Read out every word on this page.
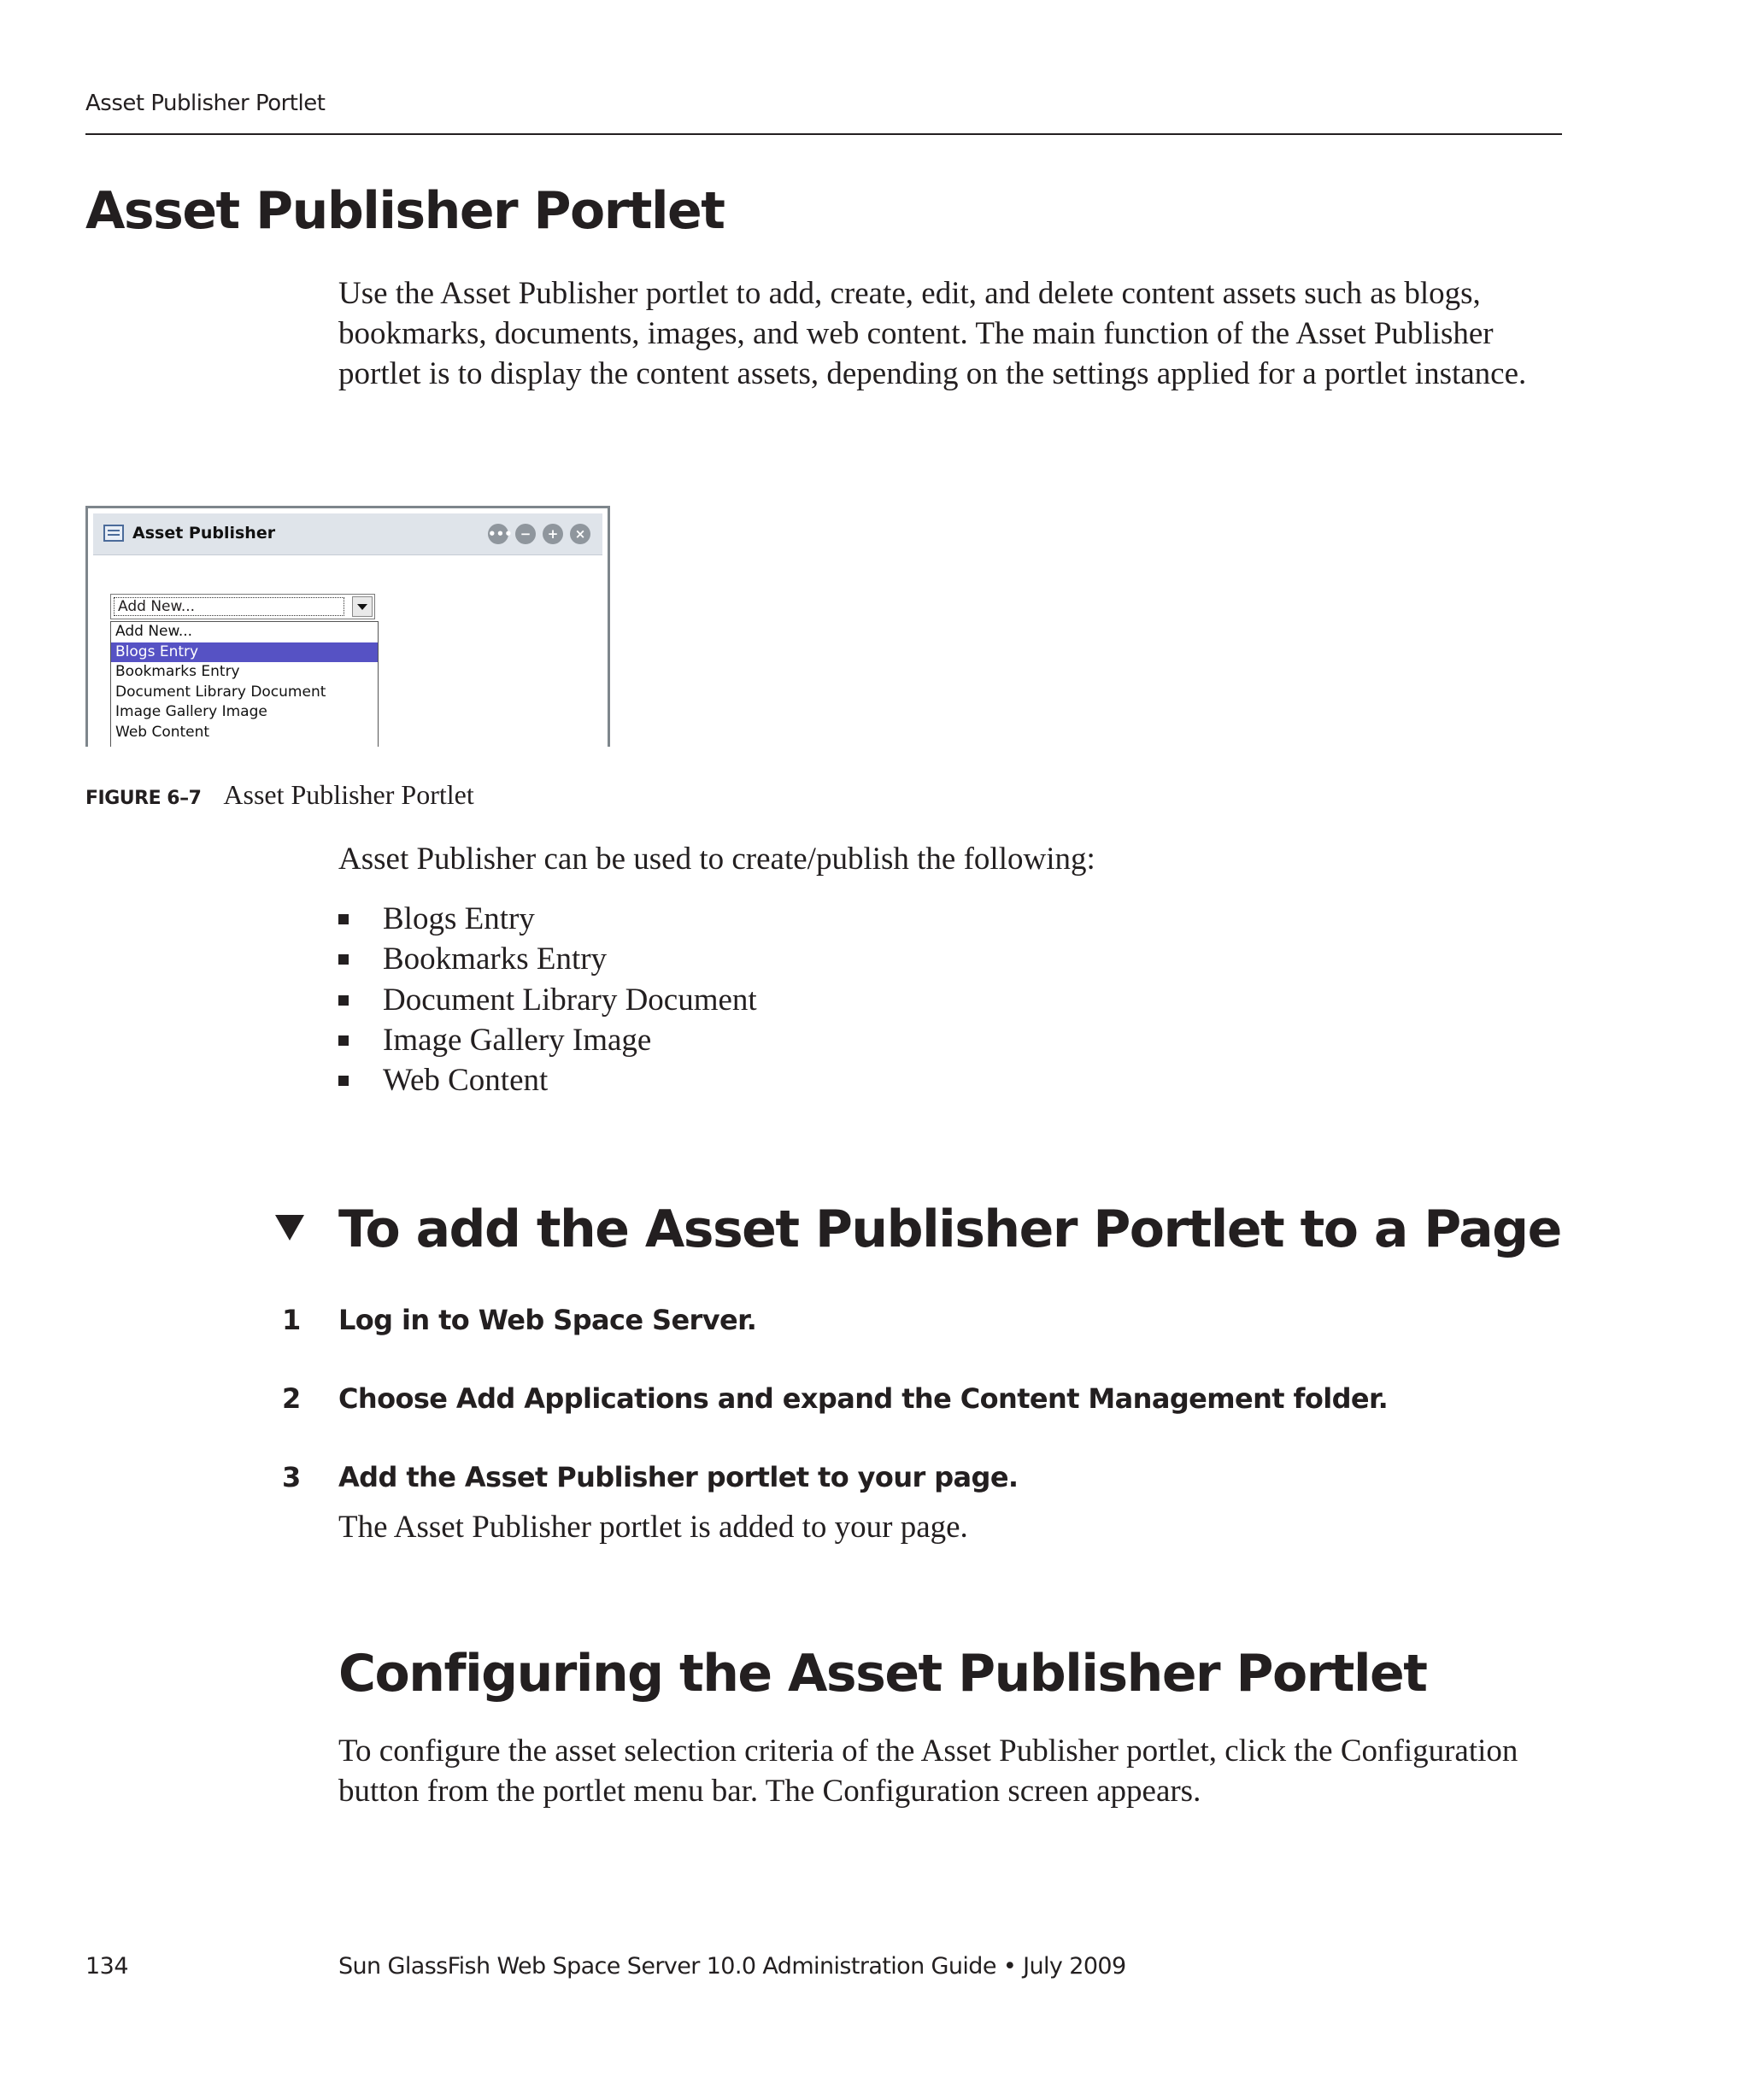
Asset Publisher Portlet
Asset Publisher Portlet

Use the Asset Publisher portlet to add, create, edit, and delete content assets such as blogs, bookmarks, documents, images, and web content. The main function of the Asset Publisher portlet is to display the content assets, depending on the settings applied for a portlet instance.

Asset Publisher	••• −	+	×
Add New...
Add New...
Blogs Entry
Bookmarks Entry
Document Library Document
Image Gallery Image
Web Content
FIGURE 6–7 Asset Publisher Portlet

Asset Publisher can be used to create/publish the following:

Blogs Entry
Bookmarks Entry
Document Library Document
Image Gallery Image
Web Content
To add the Asset Publisher Portlet to a Page
1 Log in to Web Space Server.
2 Choose Add Applications and expand the Content Management folder.
3 Add the Asset Publisher portlet to your page.

The Asset Publisher portlet is added to your page.

Configuring the Asset Publisher Portlet

To configure the asset selection criteria of the Asset Publisher portlet, click the Configuration button from the portlet menu bar. The Configuration screen appears.

134	Sun GlassFish Web Space Server 10.0 Administration Guide • July 2009
